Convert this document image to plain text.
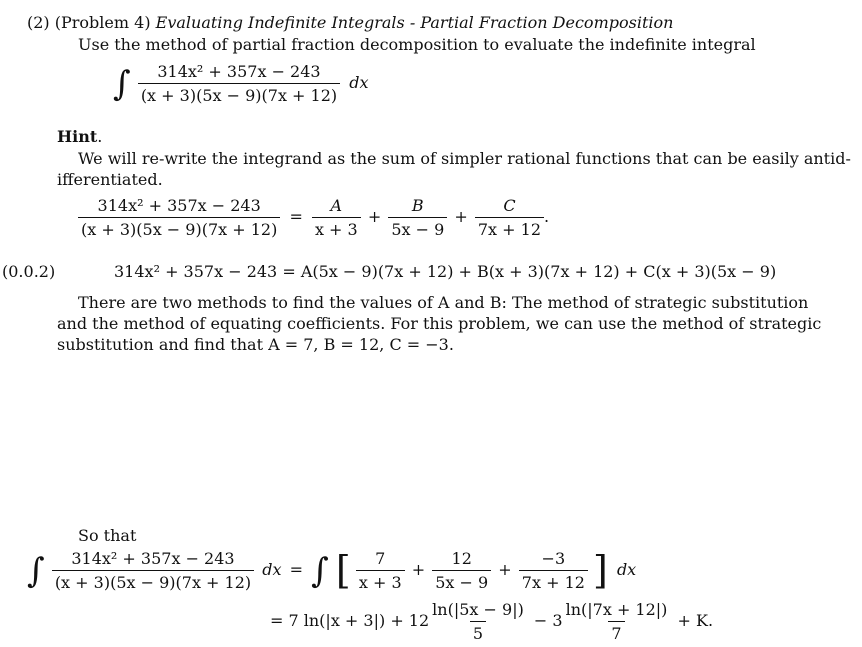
(2) (Problem 4) Evaluating Indefinite Integrals - Partial Fraction Decomposition
Use the method of partial fraction decomposition to evaluate the indefinite integral
∫ $\frac{\text{314x² + 357x − 243}}{(x + 3)(5x - 9)(7x + 12)}$ dx
Hint.
We will re-write the integrand as the sum of simpler rational functions that can be easily antid-
ifferentiated.
$\frac{\text{314x² + 357x − 243}}{(x + 3)(5x - 9)(7x + 12)} = \frac{A}{x + 3} + \frac{B}{5x - 9} + \frac{C}{7x + 12}$ .
(0.0.2)	314x² + 357x − 243 = A(5x − 9)(7x + 12) + B(x + 3)(7x + 12) + C(x + 3)(5x − 9)
There are two methods to find the values of A and B: The method of strategic substitution
and the method of equating coefficients. For this problem, we can use the method of strategic
substitution and find that A = 7, B = 12, C = −3.
So that
∫ $\frac{\text{314x² + 357x − 243}}{(x + 3)(5x - 9)(7x + 12)}$ dx = ∫ [ $\frac{7}{x + 3} + \frac{12}{5x - 9} + \frac{-3}{7x + 12}$ ] dx
= 7 $\ln(|x + 3|) + 12 \frac{\ln(|5x - 9|)}{5} - 3 \frac{\ln(|7x + 12|)}{7} + K$.
